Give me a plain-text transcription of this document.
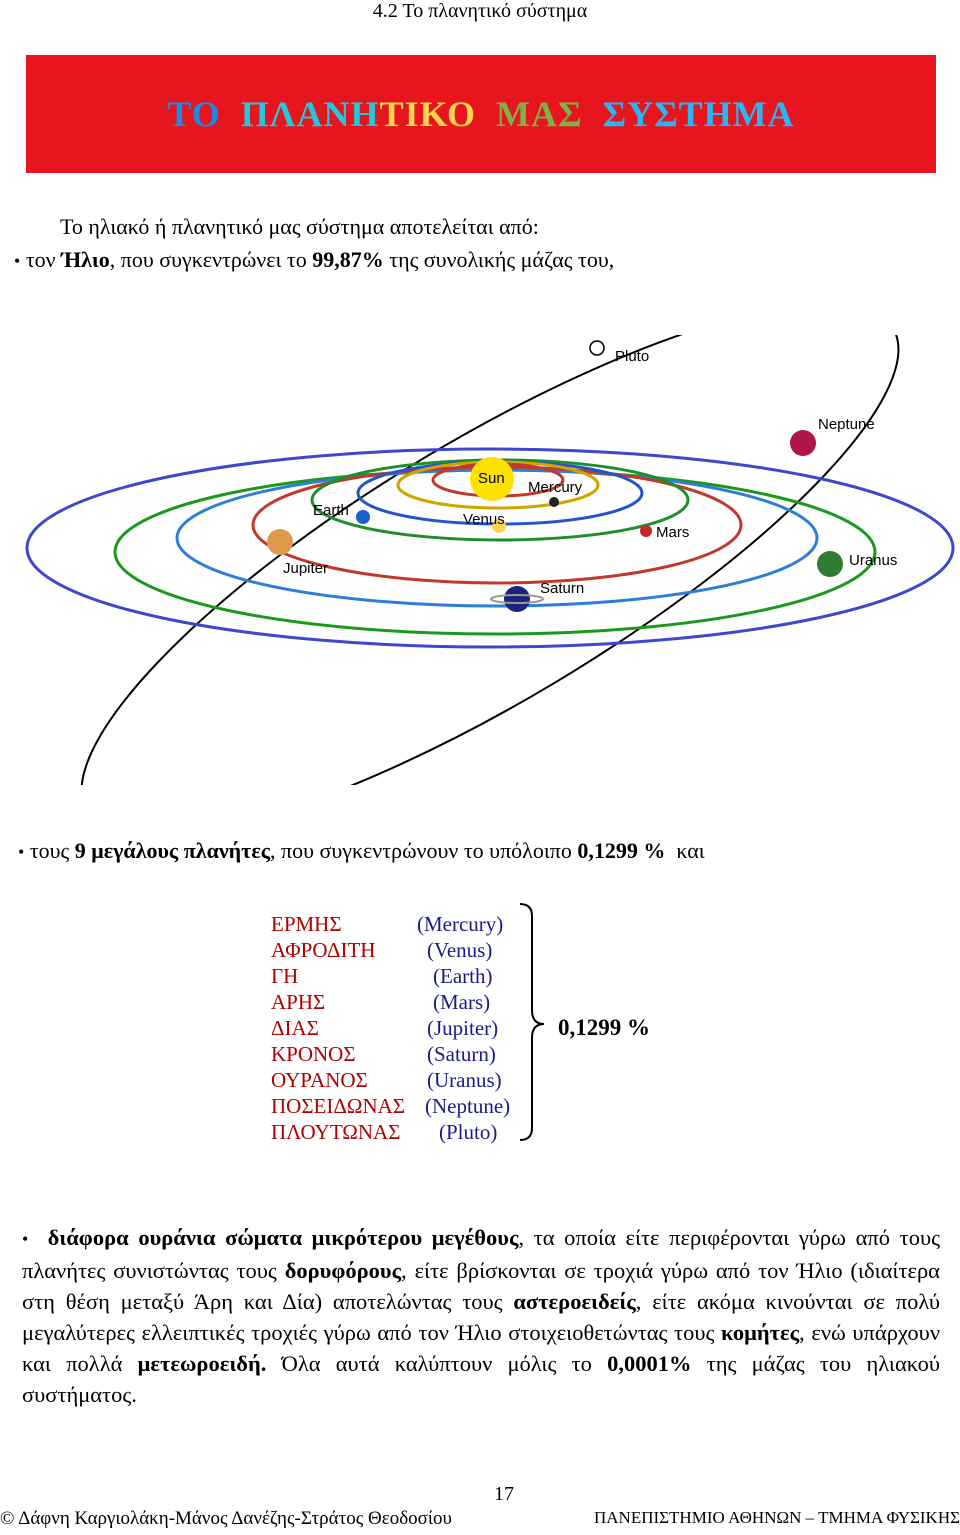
4.2 Το πλανητικό σύστημα
ΤΟ ΠΛΑΝΗΤΙΚΟ ΜΑΣ ΣΥΣΤΗΜΑ
Το ηλιακό ή πλανητικό μας σύστημα αποτελείται από:
• τον Ήλιο, που συγκεντρώνει το 99,87% της συνολικής μάζας του,
Sun
Mercury
Venus
Earth
Mars
Jupiter
Saturn
Uranus
Neptune
Pluto
• τους 9 μεγάλους πλανήτες, που συγκεντρώνουν το υπόλοιπο 0,1299 % και
ΕΡΜΗΣ	(Mercury)
ΑΦΡΟΔΙΤΗ (Venus)
ΓΗ	(Earth)
ΑΡΗΣ	(Mars)
ΔΙΑΣ	(Jupiter)
ΚΡΟΝΟΣ	(Saturn)
ΟΥΡΑΝΟΣ	(Uranus)
ΠΟΣΕΙΔΩΝΑΣ (Neptune)
ΠΛΟΥΤΩΝΑΣ (Pluto)
0,1299 %
• διάφορα ουράνια σώματα μικρότερου μεγέθους, τα οποία είτε περιφέρονται γύρω από τους πλανήτες συνιστώντας τους δορυφόρους, είτε βρίσκονται σε τροχιά γύρω από τον Ήλιο (ιδιαίτερα στη θέση μεταξύ Άρη και Δία) αποτελώντας τους αστεροειδείς, είτε ακόμα κινούνται σε πολύ μεγαλύτερες ελλειπτικές τροχιές γύρω από τον Ήλιο στοιχειοθετώντας τους κομήτες, ενώ υπάρχουν και πολλά μετεωροειδή. Όλα αυτά καλύπτουν μόλις το 0,0001% της μάζας του ηλιακού συστήματος.
17
© Δάφνη Καργιολάκη-Μάνος Δανέζης-Στράτος Θεοδοσίου	ΠΑΝΕΠΙΣΤΗΜΙΟ ΑΘΗΝΩΝ – ΤΜΗΜΑ ΦΥΣΙΚΗΣ
